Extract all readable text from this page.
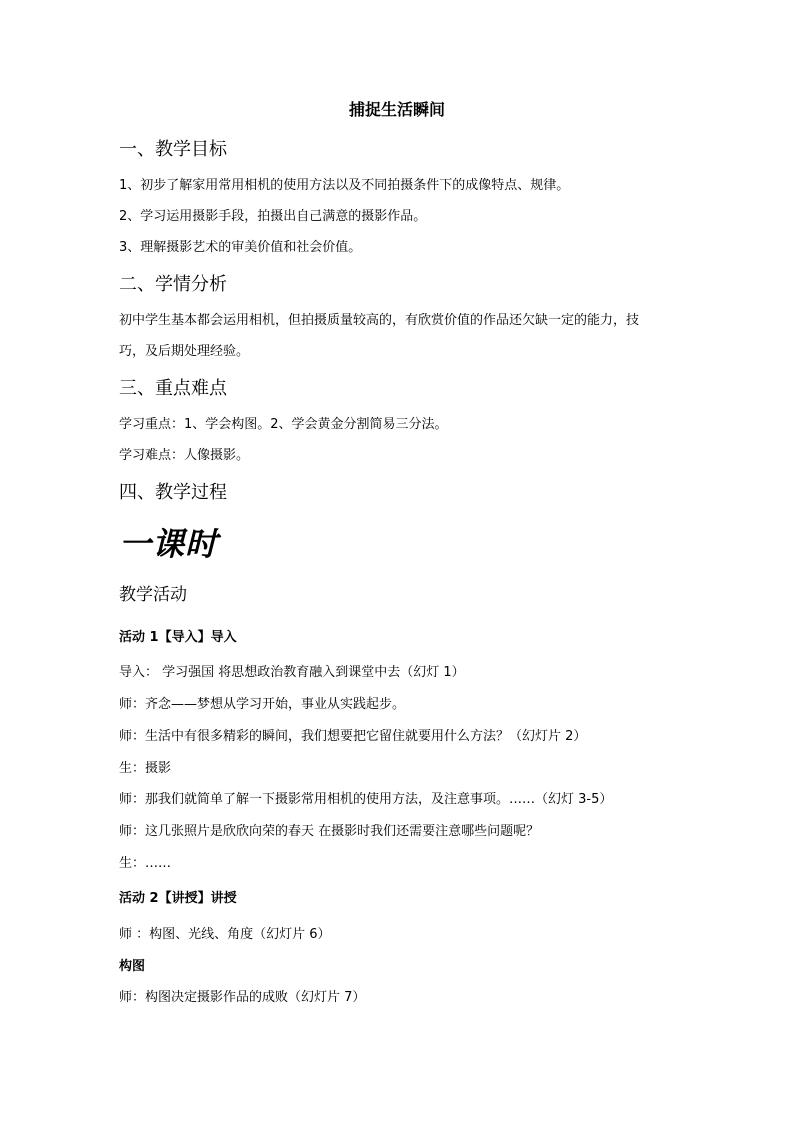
捕捉生活瞬间
一、教学目标
1、初步了解家用常用相机的使用方法以及不同拍摄条件下的成像特点、规律。
2、学习运用摄影手段，拍摄出自己满意的摄影作品。
3、理解摄影艺术的审美价值和社会价值。
二、学情分析
初中学生基本都会运用相机，但拍摄质量较高的，有欣赏价值的作品还欠缺一定的能力，技
巧，及后期处理经验。
三、重点难点
学习重点：1、学会构图。2、学会黄金分割简易三分法。
学习难点：人像摄影。
四、教学过程
一课时
教学活动
活动 1【导入】导入
导入： 学习强国 将思想政治教育融入到课堂中去（幻灯 1）
师：齐念——梦想从学习开始，事业从实践起步。
师：生活中有很多精彩的瞬间，我们想要把它留住就要用什么方法？（幻灯片 2）
生：摄影
师：那我们就简单了解一下摄影常用相机的使用方法，及注意事项。……（幻灯 3-5）
师：这几张照片是欣欣向荣的春天 在摄影时我们还需要注意哪些问题呢？
生：……
活动 2【讲授】讲授
师 ：构图、光线、角度（幻灯片 6）
构图
师：构图决定摄影作品的成败（幻灯片 7）
